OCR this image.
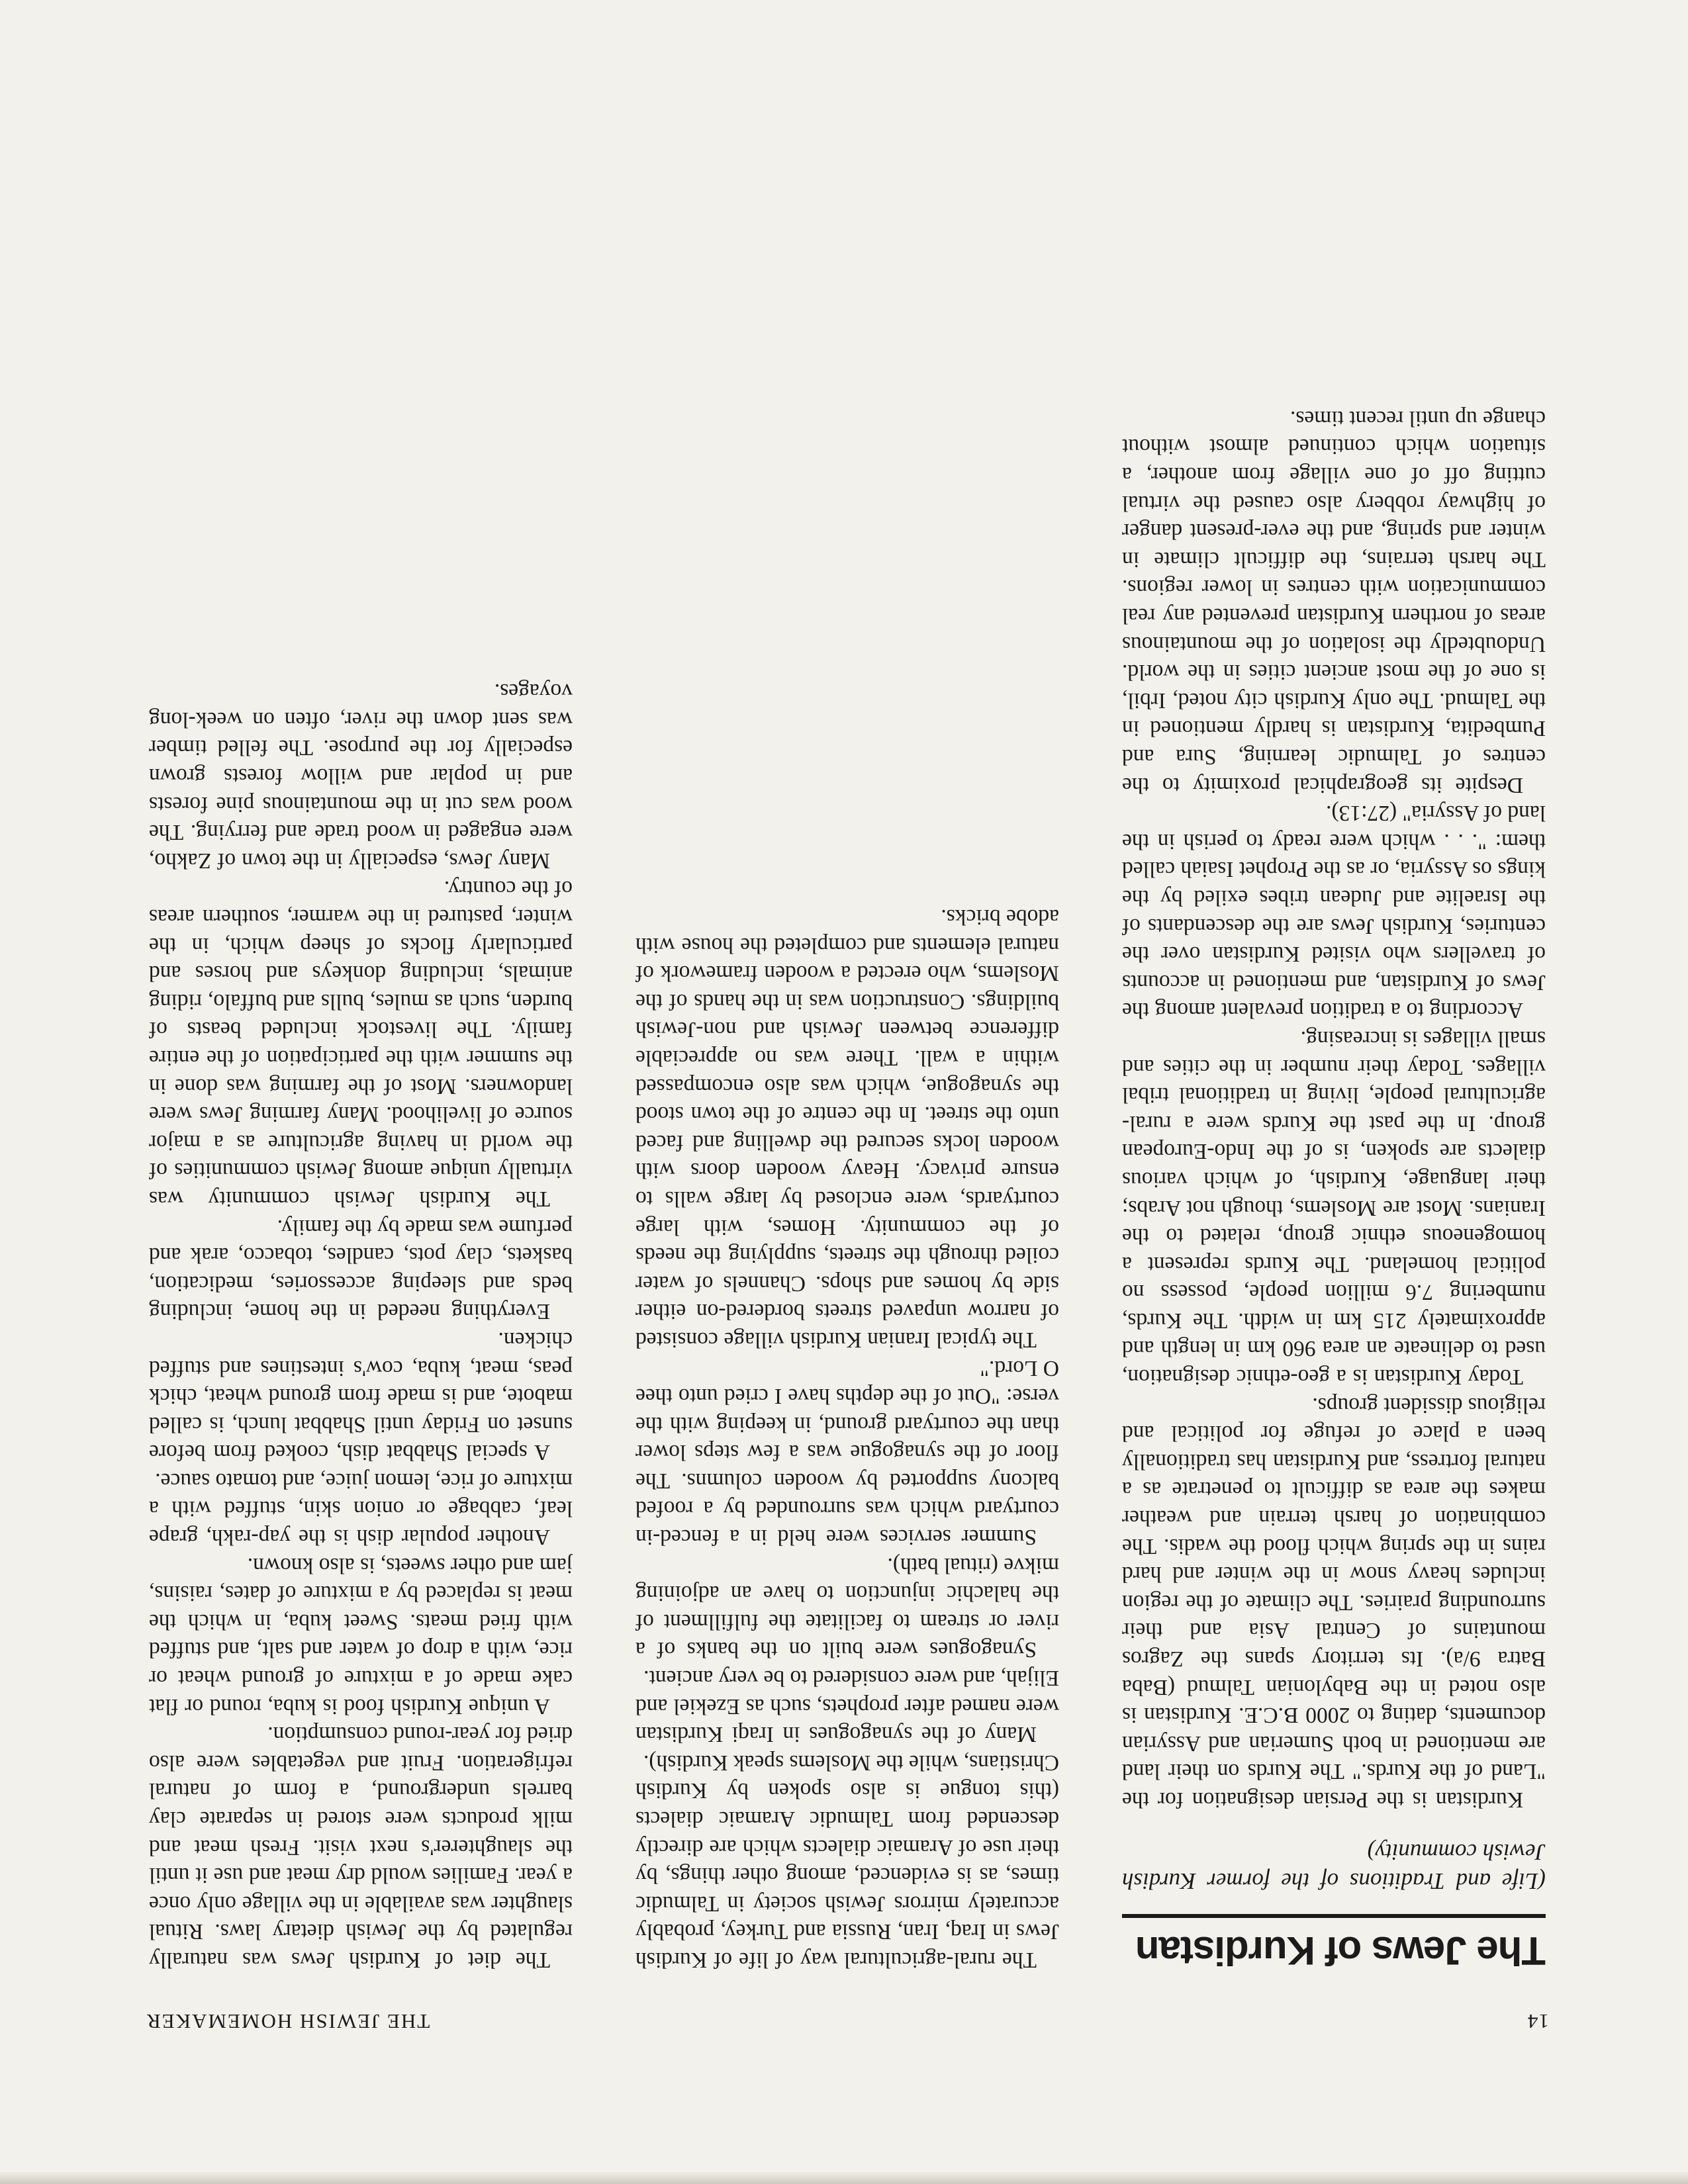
14
THE JEWISH HOMEMAKER
The Jews of Kurdistan

(Life and Traditions of the former Kurdish Jewish community)

Kurdistan is the Persian designation for the "Land of the Kurds." The Kurds on their land are mentioned in both Sumerian and Assyrian documents, dating to 2000 B.C.E. Kurdistan is also noted in the Babylonian Talmud (Baba Batra 9/a). Its territory spans the Zagros mountains of Central Asia and their surrounding prairies. The climate of the region includes heavy snow in the winter and hard rains in the spring which flood the wadis. The combination of harsh terrain and weather makes the area as difficult to penetrate as a natural fortress, and Kurdistan has traditionally been a place of refuge for political and religious dissident groups.

Today Kurdistan is a geo-ethnic designation, used to delineate an area 960 km in length and approximately 215 km in width. The Kurds, numbering 7.6 million people, possess no political homeland. The Kurds represent a homogeneous ethnic group, related to the Iranians. Most are Moslems, though not Arabs; their language, Kurdish, of which various dialects are spoken, is of the Indo-European group. In the past the Kurds were a rural-agricultural people, living in traditional tribal villages. Today their number in the cities and small villages is increasing.

According to a tradition prevalent among the Jews of Kurdistan, and mentioned in accounts of travellers who visited Kurdistan over the centuries, Kurdish Jews are the descendants of the Israelite and Judean tribes exiled by the kings os Assyria, or as the Prophet Isaiah called them: ". . . which were ready to perish in the land of Assyria" (27:13).

Despite its geographical proximity to the centres of Talmudic learning, Sura and Pumbedita, Kurdistan is hardly mentioned in the Talmud. The only Kurdish city noted, Irbil, is one of the most ancient cities in the world. Undoubtedly the isolation of the mountainous areas of northern Kurdistan prevented any real communication with centres in lower regions. The harsh terrains, the difficult climate in winter and spring, and the ever-present danger of highway robbery also caused the virtual cutting off of one village from another, a situation which continued almost without change up until recent times.

The rural-agricultural way of life of Kurdish Jews in Iraq, Iran, Russia and Turkey, probably accurately mirrors Jewish society in Talmudic times, as is evidenced, among other things, by their use of Aramaic dialects which are directly descended from Talmudic Aramaic dialects (this tongue is also spoken by Kurdish Christians, while the Moslems speak Kurdish).

Many of the synagogues in Iraqi Kurdistan were named after prophets, such as Ezekiel and Elijah, and were considered to be very ancient.

Synagogues were built on the banks of a river or stream to facilitate the fulfillment of the halachic injunction to have an adjoining mikve (ritual bath).

Summer services were held in a fenced-in courtyard which was surrounded by a roofed balcony supported by wooden columns. The floor of the synagogue was a few steps lower than the courtyard ground, in keeping with the verse: "Out of the depths have I cried unto thee O Lord."

The typical Iranian Kurdish village consisted of narrow unpaved streets bordered-on either side by homes and shops. Channels of water coiled through the streets, supplying the needs of the community. Homes, with large courtyards, were enclosed by large walls to ensure privacy. Heavy wooden doors with wooden locks secured the dwelling and faced unto the street. In the centre of the town stood the synagogue, which was also encompassed within a wall. There was no appreciable difference between Jewish and non-Jewish buildings. Construction was in the hands of the Moslems, who erected a wooden framework of natural elements and completed the house with adobe bricks.

The diet of Kurdish Jews was naturally regulated by the Jewish dietary laws. Ritual slaughter was available in the village only once a year. Families would dry meat and use it until the slaughterer's next visit. Fresh meat and milk products were stored in separate clay barrels underground, a form of natural refrigeration. Fruit and vegetables were also dried for year-round consumption.

A unique Kurdish food is kuba, round or flat cake made of a mixture of ground wheat or rice, with a drop of water and salt, and stuffed with fried meats. Sweet kuba, in which the meat is replaced by a mixture of dates, raisins, jam and other sweets, is also known.

Another popular dish is the yap-rakh, grape leaf, cabbage or onion skin, stuffed with a mixture of rice, lemon juice, and tomato sauce.

A special Shabbat dish, cooked from before sunset on Friday until Shabbat lunch, is called mabote, and is made from ground wheat, chick peas, meat, kuba, cow's intestines and stuffed chicken.

Everything needed in the home, including beds and sleeping accessories, medication, baskets, clay pots, candles, tobacco, arak and perfume was made by the family.

The Kurdish Jewish community was virtually unique among Jewish communities of the world in having agriculture as a major source of livelihood. Many farming Jews were landowners. Most of the farming was done in the summer with the participation of the entire family. The livestock included beasts of burden, such as mules, bulls and buffalo, riding animals, including donkeys and horses and particularly flocks of sheep which, in the winter, pastured in the warmer, southern areas of the country.

Many Jews, especially in the town of Zakho, were engaged in wood trade and ferrying. The wood was cut in the mountainous pine forests and in poplar and willow forests grown especially for the purpose. The felled timber was sent down the river, often on week-long voyages.
